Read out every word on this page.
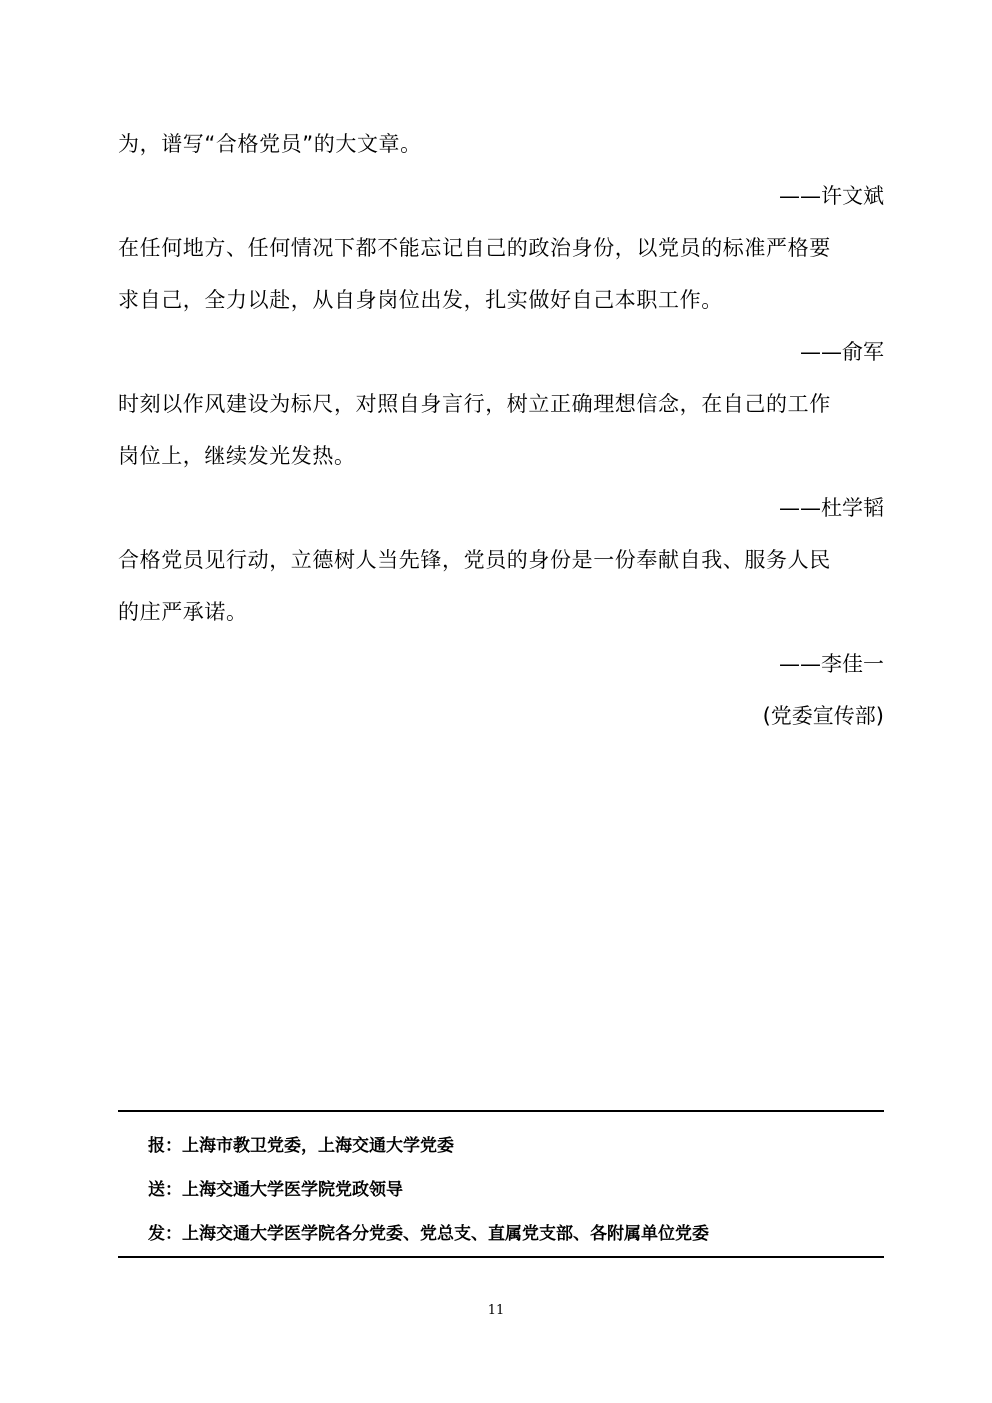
为，谱写“合格党员”的大文章。

——许文斌

在任何地方、任何情况下都不能忘记自己的政治身份，以党员的标准严格要

求自己，全力以赴，从自身岗位出发，扎实做好自己本职工作。

——俞军

时刻以作风建设为标尺，对照自身言行，树立正确理想信念，在自己的工作

岗位上，继续发光发热。

——杜学韬

合格党员见行动，立德树人当先锋，党员的身份是一份奉献自我、服务人民

的庄严承诺。

——李佳一

(党委宣传部)

报：上海市教卫党委，上海交通大学党委

送：上海交通大学医学院党政领导

发：上海交通大学医学院各分党委、党总支、直属党支部、各附属单位党委

11
